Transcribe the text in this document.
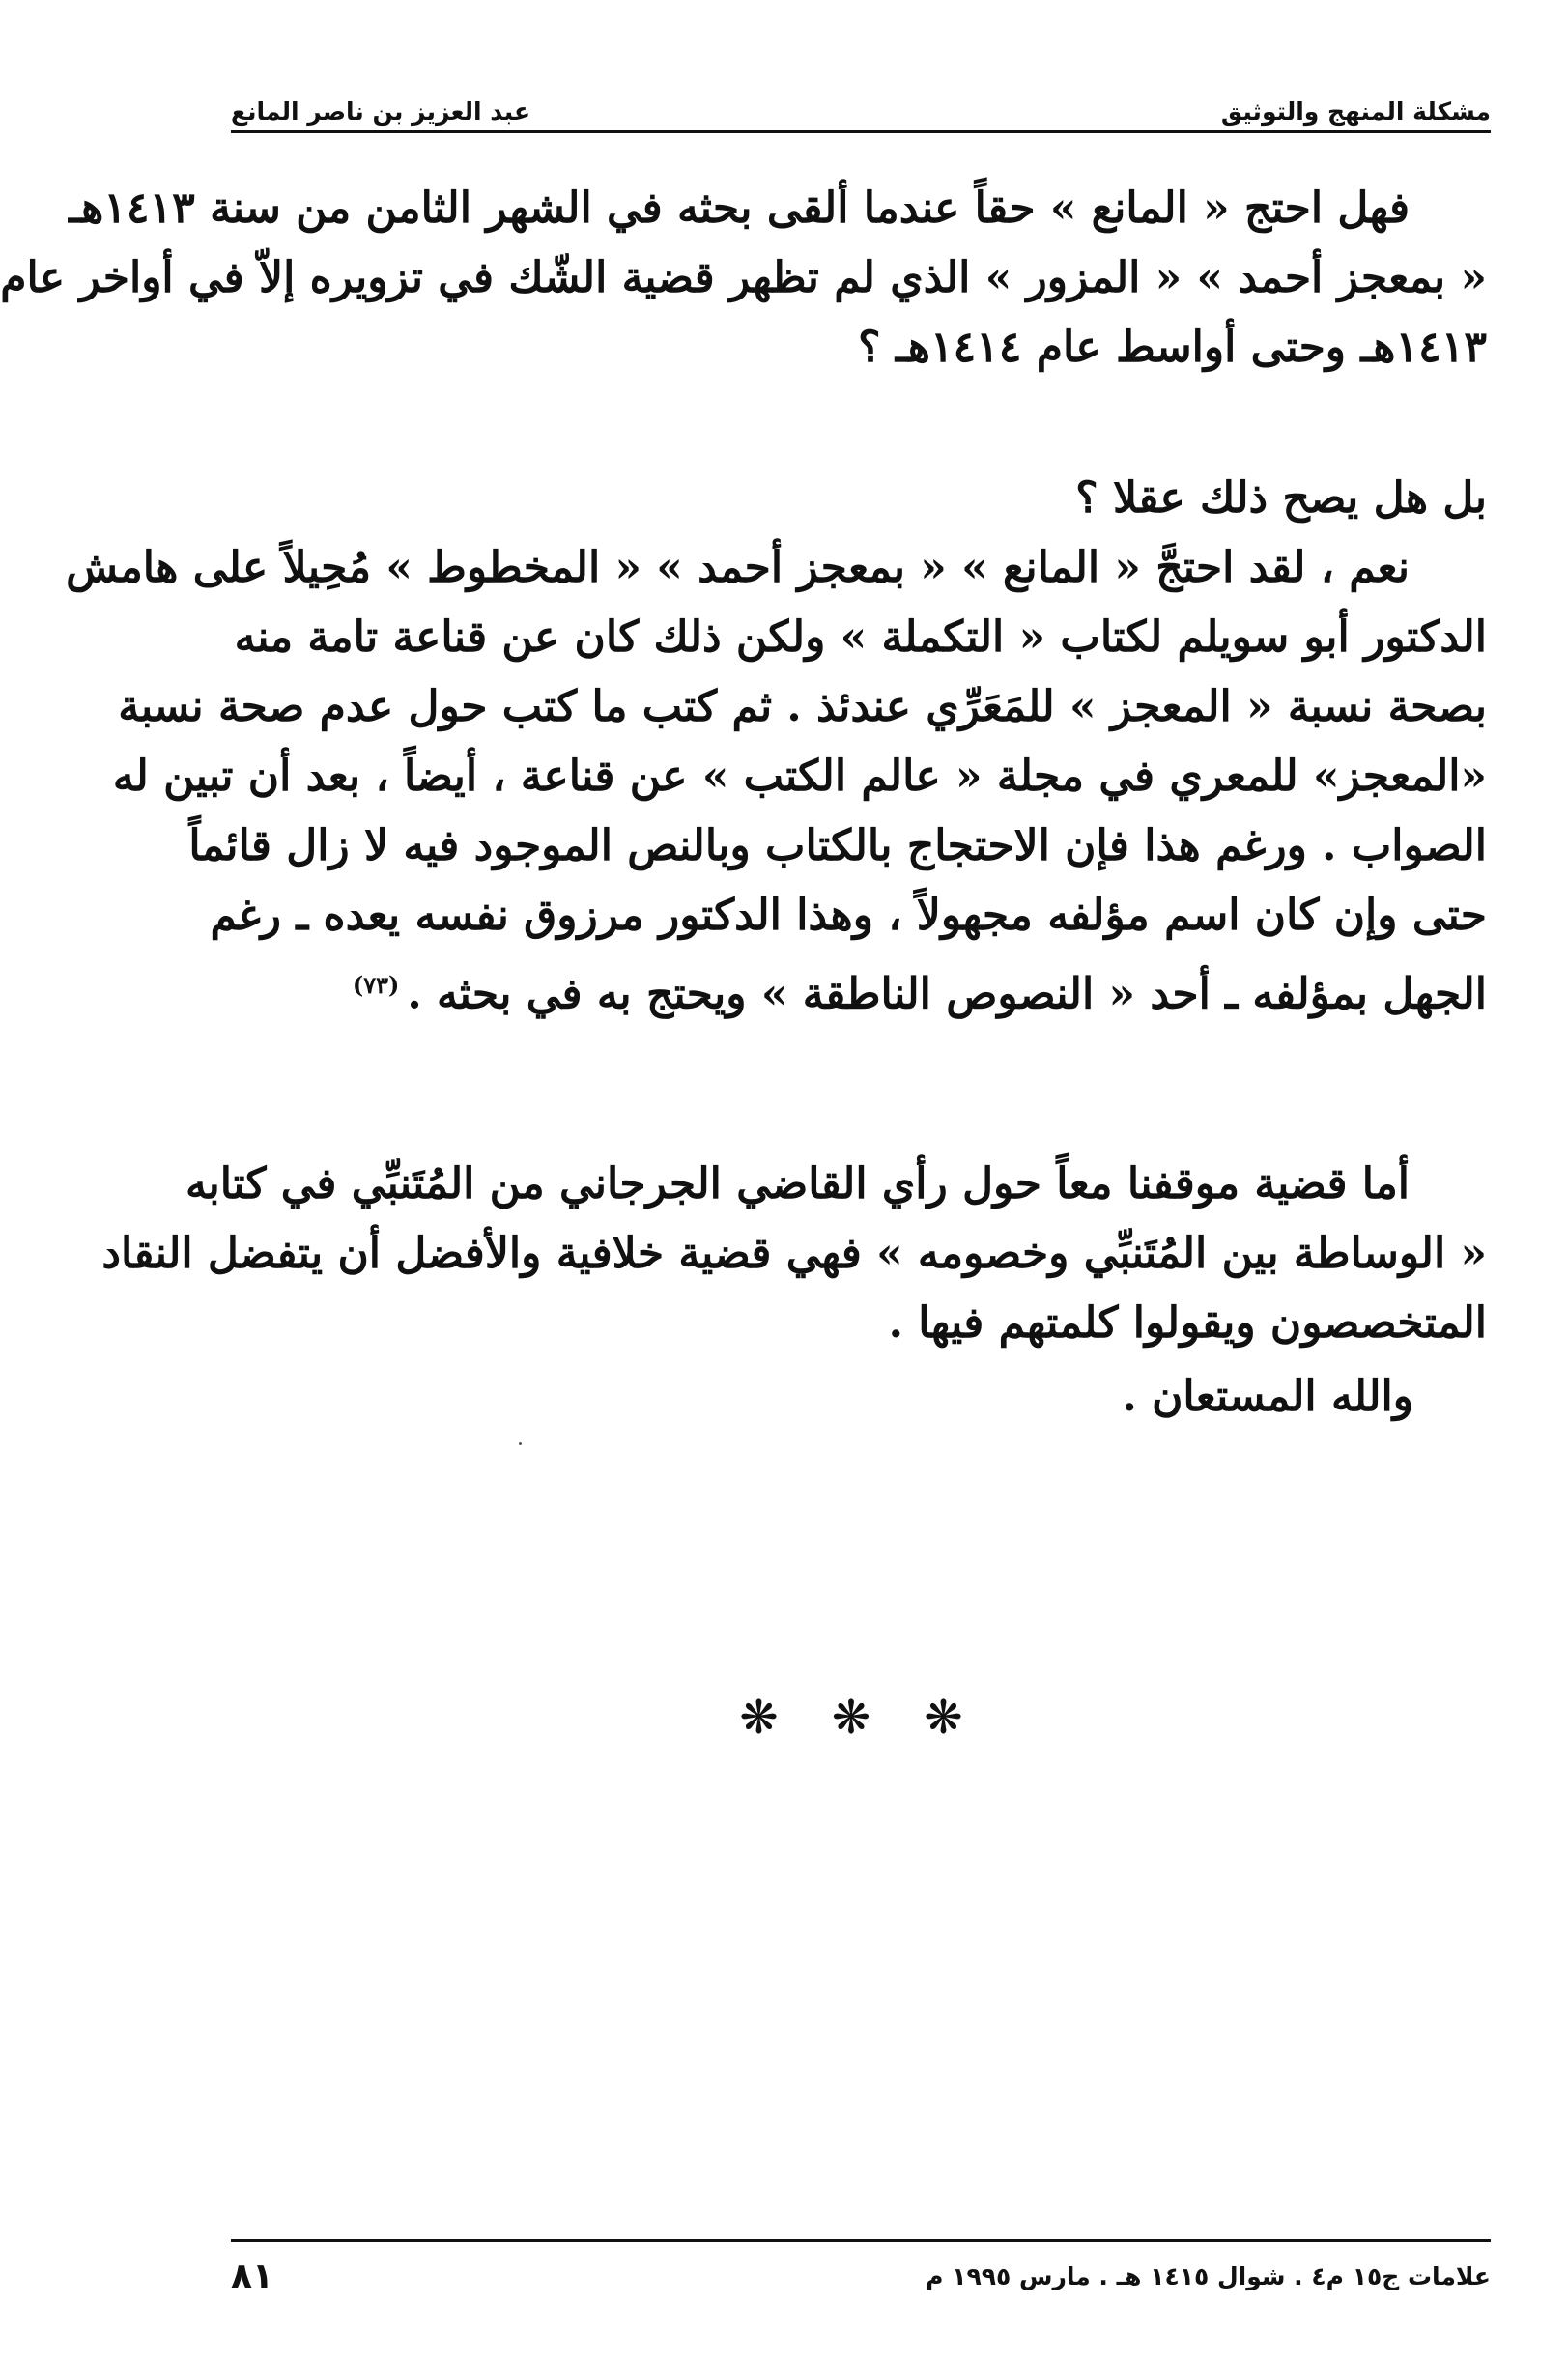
مشكلة المنهج والتوثيق
عبد العزيز بن ناصر المانع
فهل احتج « المانع » حقاً عندما ألقى بحثه في الشهر الثامن من سنة ١٤١٣هـ
« بمعجز أحمد » « المزور » الذي لم تظهر قضية الشّك في تزويره إلاّ في أواخر عام
١٤١٣هـ وحتى أواسط عام ١٤١٤هـ ؟
بل هل يصح ذلك عقلا ؟
نعم ، لقد احتجَّ « المانع » « بمعجز أحمد » « المخطوط » مُحِيلاً على هامش
الدكتور أبو سويلم لكتاب « التكملة » ولكن ذلك كان عن قناعة تامة منه
بصحة نسبة « المعجز » للمَعَرِّي عندئذ . ثم كتب ما كتب حول عدم صحة نسبة
«المعجز» للمعري في مجلة « عالم الكتب » عن قناعة ، أيضاً ، بعد أن تبين له
الصواب . ورغم هذا فإن الاحتجاج بالكتاب وبالنص الموجود فيه لا زال قائماً
حتى وإن كان اسم مؤلفه مجهولاً ، وهذا الدكتور مرزوق نفسه يعده ـ رغم
الجهل بمؤلفه ـ أحد « النصوص الناطقة » ويحتج به في بحثه .$^{(٧٣)}$
أما قضية موقفنا معاً حول رأي القاضي الجرجاني من المُتَنبِّي في كتابه
« الوساطة بين المُتَنبِّي وخصومه » فهي قضية خلافية والأفضل أن يتفضل النقاد
المتخصصون ويقولوا كلمتهم فيها .
والله المستعان .
❋ ❋ ❋
علامات ج١٥ م٤ . شوال ١٤١٥ هـ . مارس ١٩٩٥ م
٨١
